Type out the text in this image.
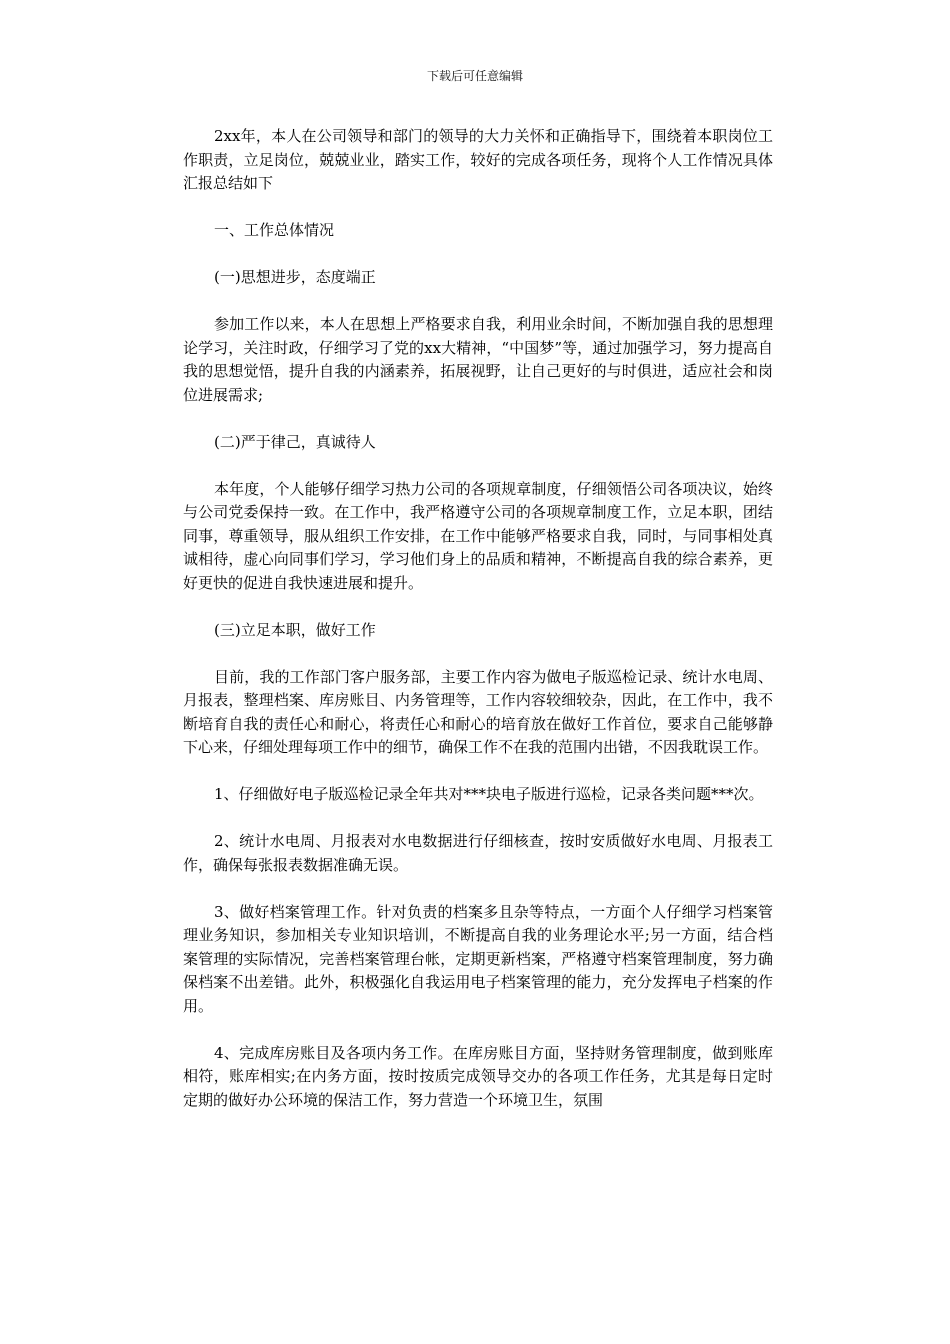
下载后可任意编辑

2xx年，本人在公司领导和部门的领导的大力关怀和正确指导下，围绕着本职岗位工作职责，立足岗位，兢兢业业，踏实工作，较好的完成各项任务，现将个人工作情况具体汇报总结如下

一、工作总体情况

(一)思想进步，态度端正

参加工作以来，本人在思想上严格要求自我，利用业余时间，不断加强自我的思想理论学习，关注时政，仔细学习了党的xx大精神，“中国梦”等，通过加强学习，努力提高自我的思想觉悟，提升自我的内涵素养，拓展视野，让自己更好的与时俱进，适应社会和岗位进展需求;

(二)严于律己，真诚待人

本年度，个人能够仔细学习热力公司的各项规章制度，仔细领悟公司各项决议，始终与公司党委保持一致。在工作中，我严格遵守公司的各项规章制度工作，立足本职，团结同事，尊重领导，服从组织工作安排，在工作中能够严格要求自我，同时，与同事相处真诚相待，虚心向同事们学习，学习他们身上的品质和精神，不断提高自我的综合素养，更好更快的促进自我快速进展和提升。

(三)立足本职，做好工作

目前，我的工作部门客户服务部，主要工作内容为做电子版巡检记录、统计水电周、月报表，整理档案、库房账目、内务管理等，工作内容较细较杂，因此，在工作中，我不断培育自我的责任心和耐心，将责任心和耐心的培育放在做好工作首位，要求自己能够静下心来，仔细处理每项工作中的细节，确保工作不在我的范围内出错，不因我耽误工作。

1、仔细做好电子版巡检记录全年共对***块电子版进行巡检，记录各类问题***次。

2、统计水电周、月报表对水电数据进行仔细核查，按时安质做好水电周、月报表工作，确保每张报表数据准确无误。

3、做好档案管理工作。针对负责的档案多且杂等特点，一方面个人仔细学习档案管理业务知识，参加相关专业知识培训，不断提高自我的业务理论水平;另一方面，结合档案管理的实际情况，完善档案管理台帐，定期更新档案，严格遵守档案管理制度，努力确保档案不出差错。此外，积极强化自我运用电子档案管理的能力，充分发挥电子档案的作用。

4、完成库房账目及各项内务工作。在库房账目方面，坚持财务管理制度，做到账库相符，账库相实;在内务方面，按时按质完成领导交办的各项工作任务，尤其是每日定时定期的做好办公环境的保洁工作，努力营造一个环境卫生，氛围
